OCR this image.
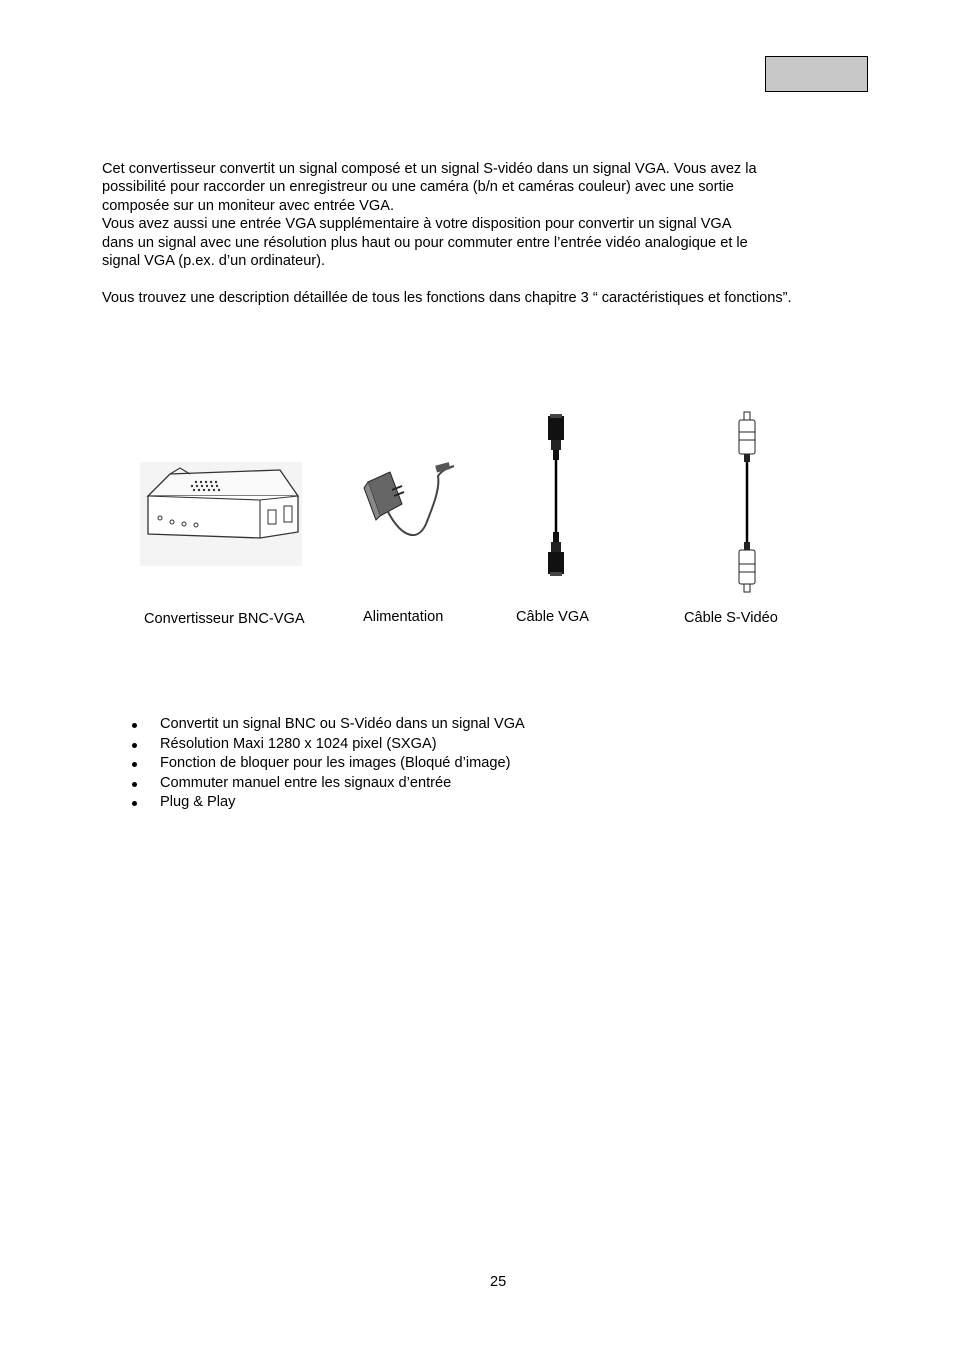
Cet convertisseur convertit un signal composé et un signal S-vidéo dans un signal VGA. Vous avez la

possibilité pour raccorder un enregistreur ou une caméra (b/n et caméras couleur) avec une sortie

composée sur un moniteur avec entrée VGA.

Vous avez aussi une entrée VGA supplémentaire à votre disposition pour convertir un signal VGA

dans un signal avec une résolution plus haut ou pour commuter entre l’entrée vidéo analogique et le

signal VGA (p.ex. d’un ordinateur).

Vous trouvez une description détaillée de tous les fonctions dans chapitre 3 “ caractéristiques et fonctions”.

Convertisseur BNC-VGA	Alimentation	Câble VGA	Câble S-Vidéo
Convertit un signal BNC ou S-Vidéo dans un signal VGA
Résolution Maxi 1280 x 1024 pixel (SXGA)
Fonction de bloquer pour les images (Bloqué d’image)
Commuter manuel entre les signaux d’entrée
Plug & Play
25
